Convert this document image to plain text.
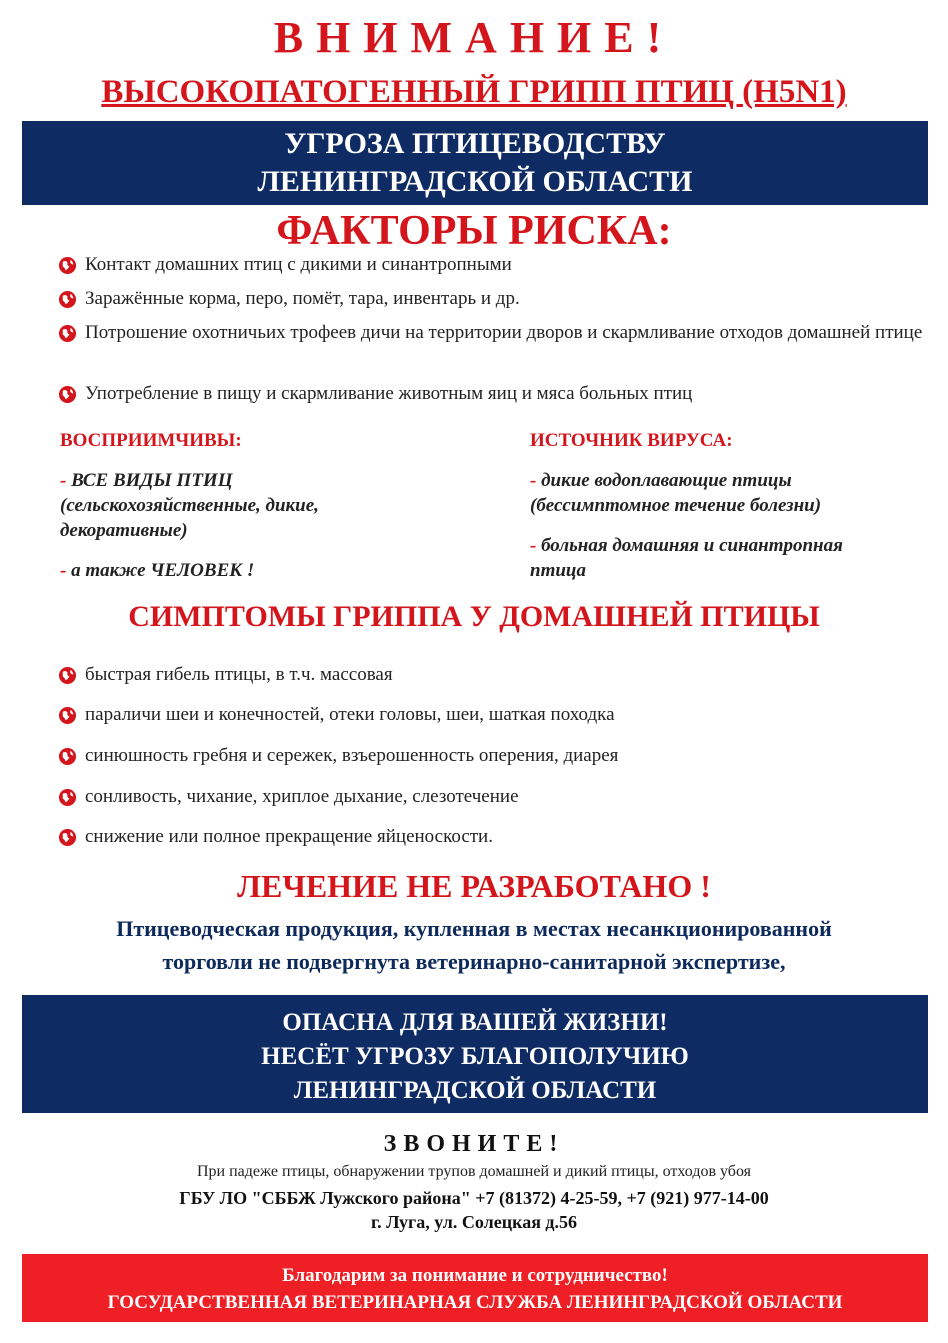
ВНИМАНИЕ!
ВЫСОКОПАТОГЕННЫЙ ГРИПП ПТИЦ (H5N1)
УГРОЗА ПТИЦЕВОДСТВУ
ЛЕНИНГРАДСКОЙ ОБЛАСТИ
ФАКТОРЫ РИСКА:
Контакт домашних птиц с дикими и синантропными
Заражённые корма, перо, помёт, тара, инвентарь и др.
Потрошение охотничьих трофеев дичи на территории дворов и скармливание отходов домашней птице
Употребление в пищу и скармливание животным яиц и мяса больных птиц
ВОСПРИИМЧИВЫ:
- ВСЕ ВИДЫ ПТИЦ (сельскохозяйственные, дикие, декоративные)
- а также ЧЕЛОВЕК !
ИСТОЧНИК ВИРУСА:
- дикие водоплавающие птицы (бессимптомное течение болезни)
- больная домашняя и синантропная птица
СИМПТОМЫ ГРИППА У ДОМАШНЕЙ ПТИЦЫ
быстрая гибель птицы, в т.ч. массовая
параличи шеи и конечностей, отеки головы, шеи, шаткая походка
синюшность гребня и сережек, взъерошенность оперения, диарея
сонливость, чихание, хриплое дыхание, слезотечение
снижение или полное прекращение яйценоскости.
ЛЕЧЕНИЕ НЕ РАЗРАБОТАНО !
Птицеводческая продукция, купленная в местах несанкционированной
торговли не подвергнута ветеринарно-санитарной экспертизе,
ОПАСНА ДЛЯ ВАШЕЙ ЖИЗНИ!
НЕСЁТ УГРОЗУ БЛАГОПОЛУЧИЮ
ЛЕНИНГРАДСКОЙ ОБЛАСТИ
ЗВОНИТЕ!
При падеже птицы, обнаружении трупов домашней и дикий птицы, отходов убоя
ГБУ ЛО "СББЖ Лужского района" +7 (81372) 4-25-59, +7 (921) 977-14-00
г. Луга, ул. Солецкая д.56
Благодарим за понимание и сотрудничество!
ГОСУДАРСТВЕННАЯ ВЕТЕРИНАРНАЯ СЛУЖБА ЛЕНИНГРАДСКОЙ ОБЛАСТИ
